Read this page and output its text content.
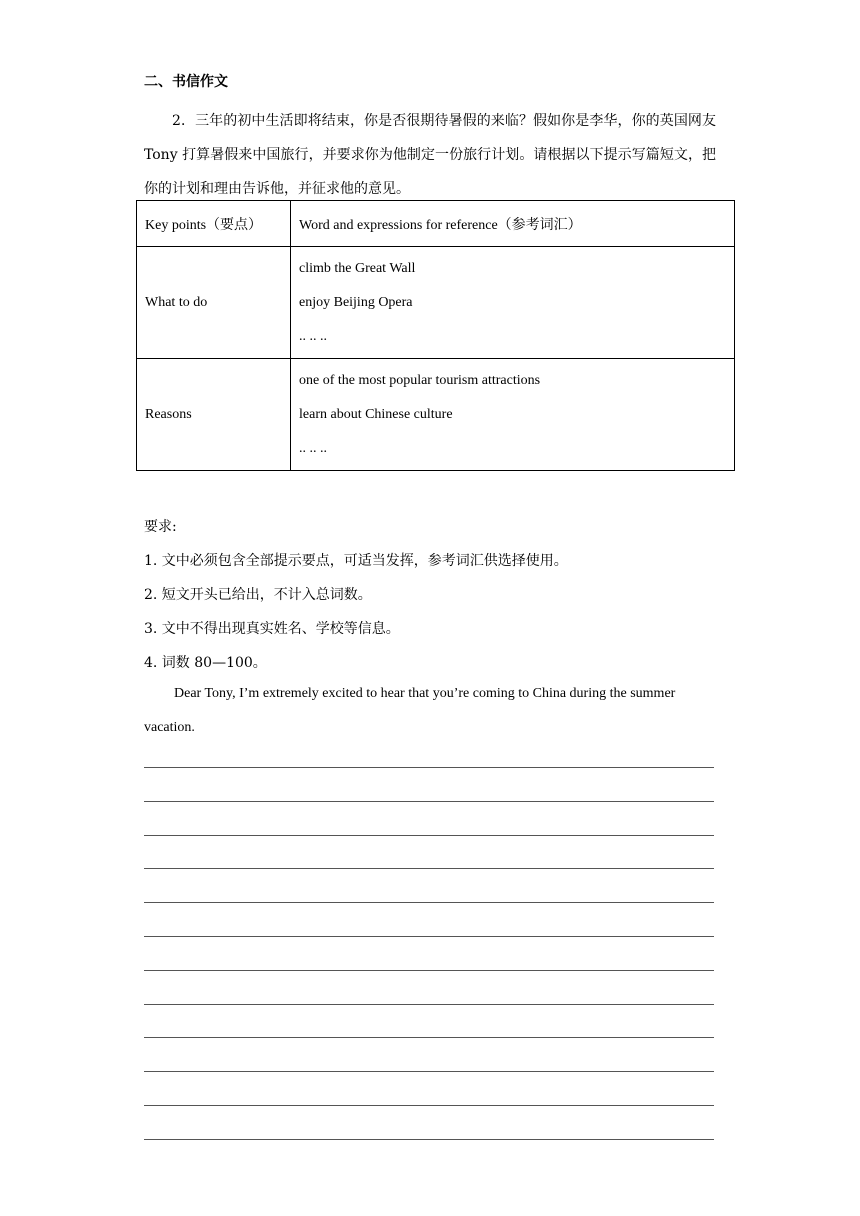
二、书信作文
2．三年的初中生活即将结束，你是否很期待暑假的来临？假如你是李华，你的英国网友 Tony 打算暑假来中国旅行，并要求你为他制定一份旅行计划。请根据以下提示写篇短文，把你的计划和理由告诉他，并征求他的意见。
Key points（要点）	Word and expressions for reference（参考词汇）
What to do	climb the Great Wall
enjoy Beijing Opera
.. .. ..

Reasons	one of the most popular tourism attractions
learn about Chinese culture
.. .. ..
要求:
1. 文中必须包含全部提示要点，可适当发挥，参考词汇供选择使用。
2. 短文开头已给出，不计入总词数。
3. 文中不得出现真实姓名、学校等信息。
4. 词数 80—100。
Dear Tony, I’m extremely excited to hear that you’re coming to China during the summer vacation.
